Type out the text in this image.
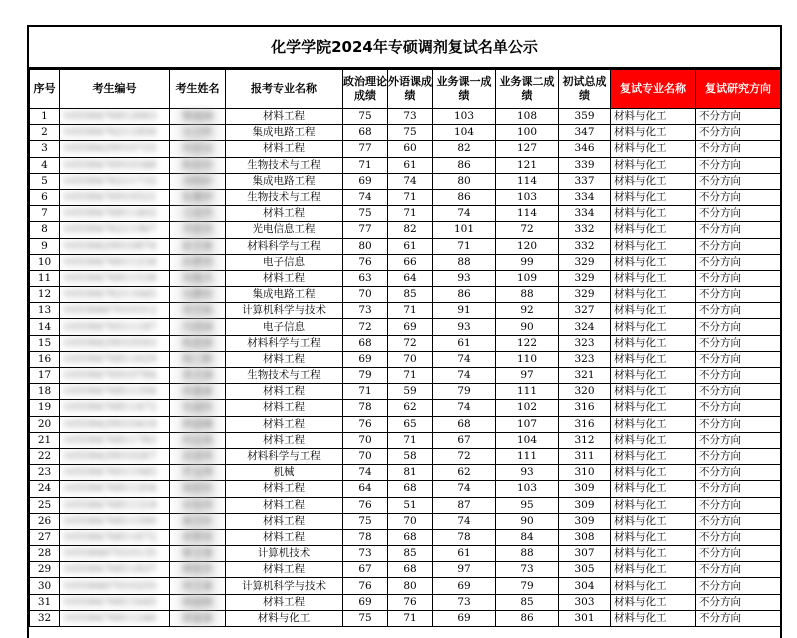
化学学院2024年专硕调剂复试名单公示
序号	考生编号	考生姓名	报考专业名称	政治理论成绩	外语课成绩	业务课一成绩	业务课二成绩	初试总成绩	复试专业名称	复试研究方向
1	10558476812663	黎雨涵	材料工程	75	73	103	108	359	材料与化工	不分方向
2	10558476211856	吴子昕	集成电路工程	68	75	104	100	347	材料与化工	不分方向
3	10558429010725	周思远	材料工程	77	60	82	127	346	材料与化工	不分方向
4	10558476910348	陈佳怡	生物技术与工程	71	61	86	121	339	材料与化工	不分方向
5	10558476211732	刘明轩	集成电路工程	69	74	80	114	337	材料与化工	不分方向
6	10558476910521	张雅婷	生物技术与工程	74	71	86	103	334	材料与化工	不分方向
7	10558476811402	王浩然	材料工程	75	71	74	114	334	材料与化工	不分方向
8	10558476211967	李欣悦	光电信息工程	77	82	101	72	332	材料与化工	不分方向
9	10558429010876	赵子豪	材料科学与工程	80	61	71	120	332	材料与化工	不分方向
10	10558476611234	孙梦琪	电子信息	76	66	88	99	329	材料与化工	不分方向
11	10558476811538	周俊杰	材料工程	63	64	93	109	329	材料与化工	不分方向
12	10558476211645	吴静怡	集成电路工程	70	85	86	88	329	材料与化工	不分方向
13	10558467010312	郑宇航	计算机科学与技术	73	71	91	92	327	材料与化工	不分方向
14	10558476511187	冯诗涵	电子信息	72	69	93	90	324	材料与化工	不分方向
15	10558429010593	陈思源	材料科学与工程	68	72	61	122	323	材料与化工	不分方向
16	10558476811629	杨一帆	材料工程	69	70	74	110	323	材料与化工	不分方向
17	10558476910784	黄子涵	生物技术与工程	79	71	74	97	321	材料与化工	不分方向
18	10558476811356	徐嘉豪	材料工程	71	59	79	111	320	材料与化工	不分方向
19	10558476811472	朱雨欣	材料工程	78	62	74	102	316	材料与化工	不分方向
20	10558429010418	林晨曦	材料工程	76	65	68	107	316	材料与化工	不分方向
21	10558476811783	何志强	材料工程	70	71	67	104	312	材料与化工	不分方向
22	10558429010267	高诗琪	材料科学与工程	70	58	72	111	311	材料与化工	不分方向
23	10558476011945	罗文博	机械	74	81	62	93	310	材料与化工	不分方向
24	10558476811204	梁欣怡	材料工程	64	68	74	103	309	材料与化工	不分方向
25	10558476811318	宋佳琪	材料工程	76	51	87	95	309	材料与化工	不分方向
26	10558476811590	谢宇轩	材料工程	75	70	74	90	309	材料与化工	不分方向
27	10558476811672	唐梦瑶	材料工程	78	68	78	84	308	材料与化工	不分方向
28	10558467010135	黎子墨	计算机技术	73	85	61	88	307	材料与化工	不分方向
29	10558476811837	廖欣然	材料工程	67	68	97	73	305	材料与化工	不分方向
30	10558467010255	周子豪	计算机科学与技术	76	80	69	79	304	材料与化工	不分方向
31	10558476811645	韩雨桐	材料工程	69	76	73	85	303	材料与化工	不分方向
32	10558476811246	郭家豪	材料与化工	75	71	69	86	301	材料与化工	不分方向
